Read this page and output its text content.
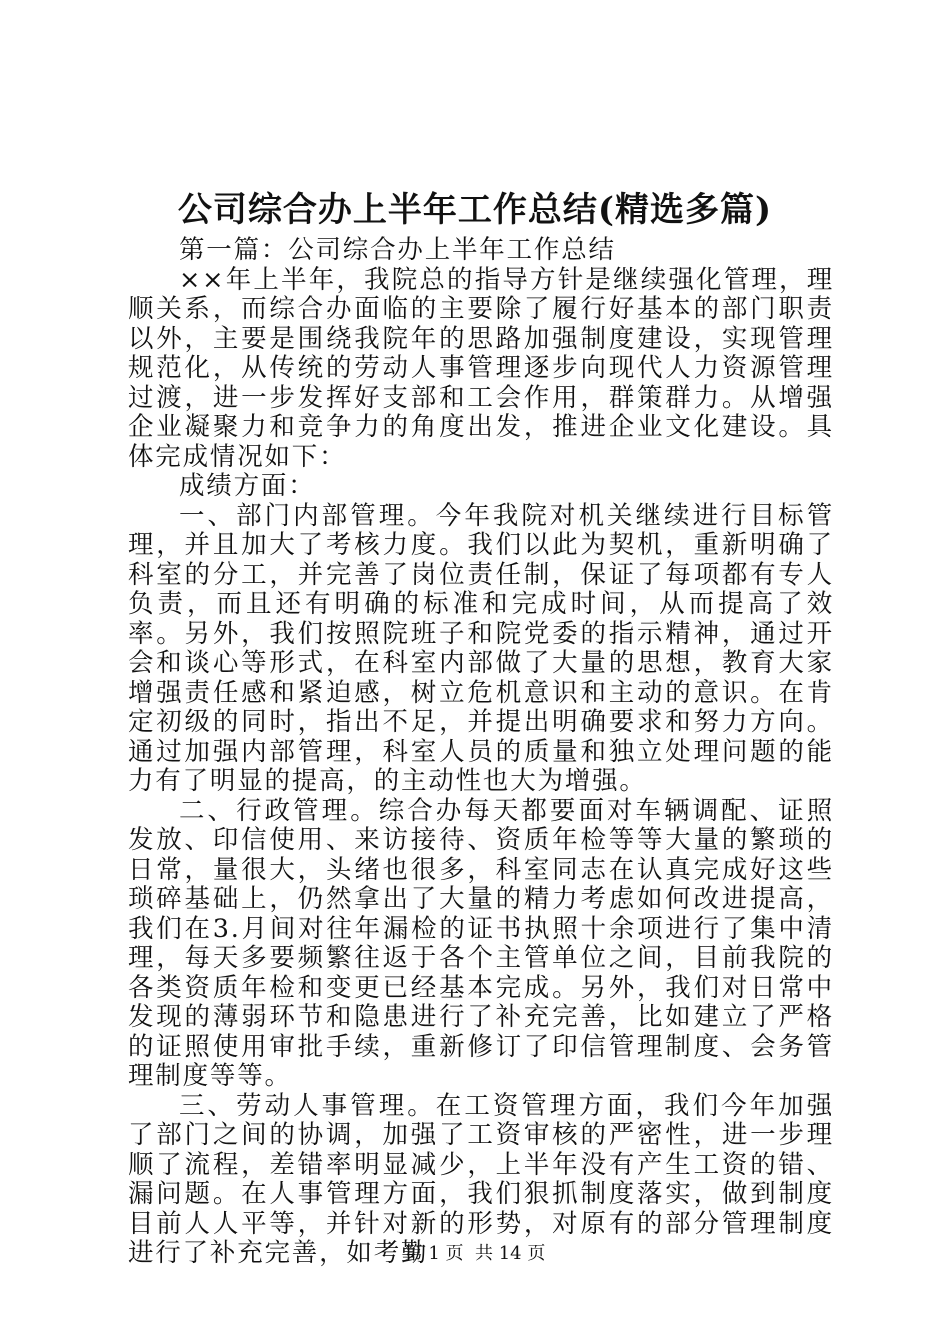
公司综合办上半年工作总结(精选多篇)

第一篇：公司综合办上半年工作总结

××年上半年，我院总的指导方针是继续强化管理，理顺关系，而综合办面临的主要除了履行好基本的部门职责以外，主要是围绕我院年的思路加强制度建设，实现管理规范化，从传统的劳动人事管理逐步向现代人力资源管理过渡，进一步发挥好支部和工会作用，群策群力。从增强企业凝聚力和竞争力的角度出发，推进企业文化建设。具体完成情况如下：

成绩方面：

一、部门内部管理。今年我院对机关继续进行目标管理，并且加大了考核力度。我们以此为契机，重新明确了科室的分工，并完善了岗位责任制，保证了每项都有专人负责，而且还有明确的标准和完成时间，从而提高了效率。另外，我们按照院班子和院党委的指示精神，通过开会和谈心等形式，在科室内部做了大量的思想，教育大家增强责任感和紧迫感，树立危机意识和主动的意识。在肯定初级的同时，指出不足，并提出明确要求和努力方向。通过加强内部管理，科室人员的质量和独立处理问题的能力有了明显的提高，的主动性也大为增强。

二、行政管理。综合办每天都要面对车辆调配、证照发放、印信使用、来访接待、资质年检等等大量的繁琐的日常，量很大，头绪也很多，科室同志在认真完成好这些琐碎基础上，仍然拿出了大量的精力考虑如何改进提高，我们在3.月间对往年漏检的证书执照十余项进行了集中清理，每天多要频繁往返于各个主管单位之间，目前我院的各类资质年检和变更已经基本完成。另外，我们对日常中发现的薄弱环节和隐患进行了补充完善，比如建立了严格的证照使用审批手续，重新修订了印信管理制度、会务管理制度等等。

三、劳动人事管理。在工资管理方面，我们今年加强了部门之间的协调，加强了工资审核的严密性，进一步理顺了流程，差错率明显减少，上半年没有产生工资的错、漏问题。在人事管理方面，我们狠抓制度落实，做到制度目前人人平等，并针对新的形势，对原有的部分管理制度进行了补充完善，如考勤

第 1 页  共 14 页
